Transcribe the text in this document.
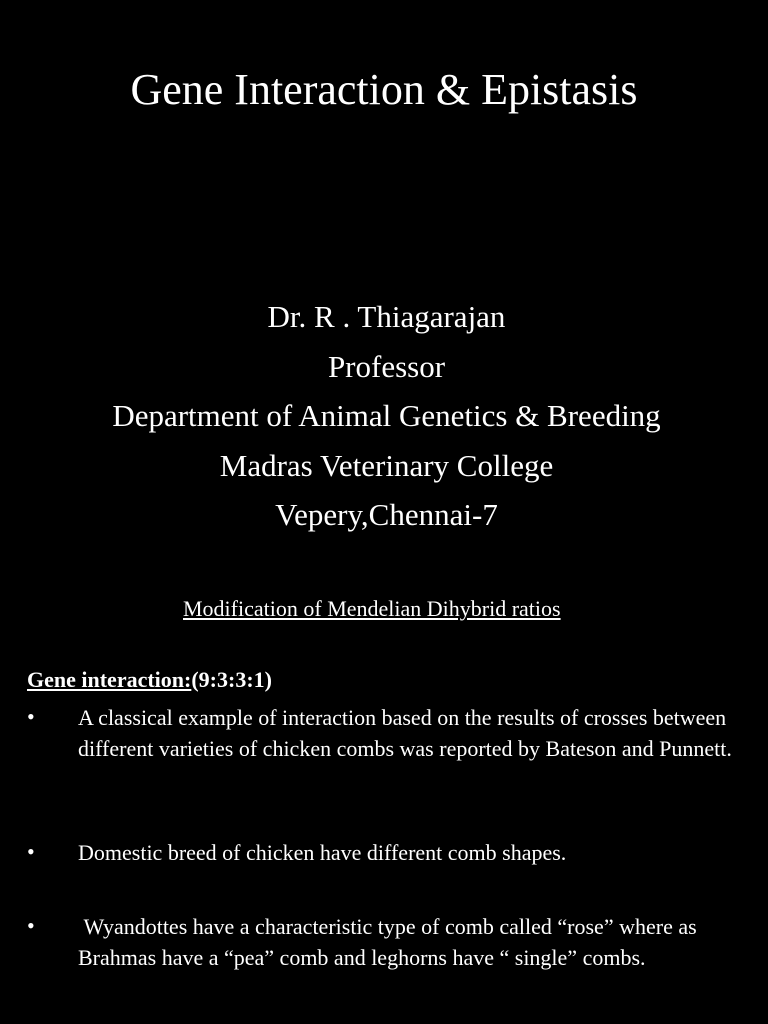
Gene Interaction & Epistasis
Dr. R . Thiagarajan
Professor
Department of Animal Genetics & Breeding
Madras Veterinary College
Vepery,Chennai-7
Modification of Mendelian Dihybrid ratios
Gene interaction:(9:3:3:1)
• A classical example of interaction based on the results of crosses between different varieties of chicken combs was reported by Bateson and Punnett.
• Domestic breed of chicken have different comb shapes.
• Wyandottes have a characteristic type of comb called “rose” where as  Brahmas have a “pea” comb and leghorns have “ single” combs.
